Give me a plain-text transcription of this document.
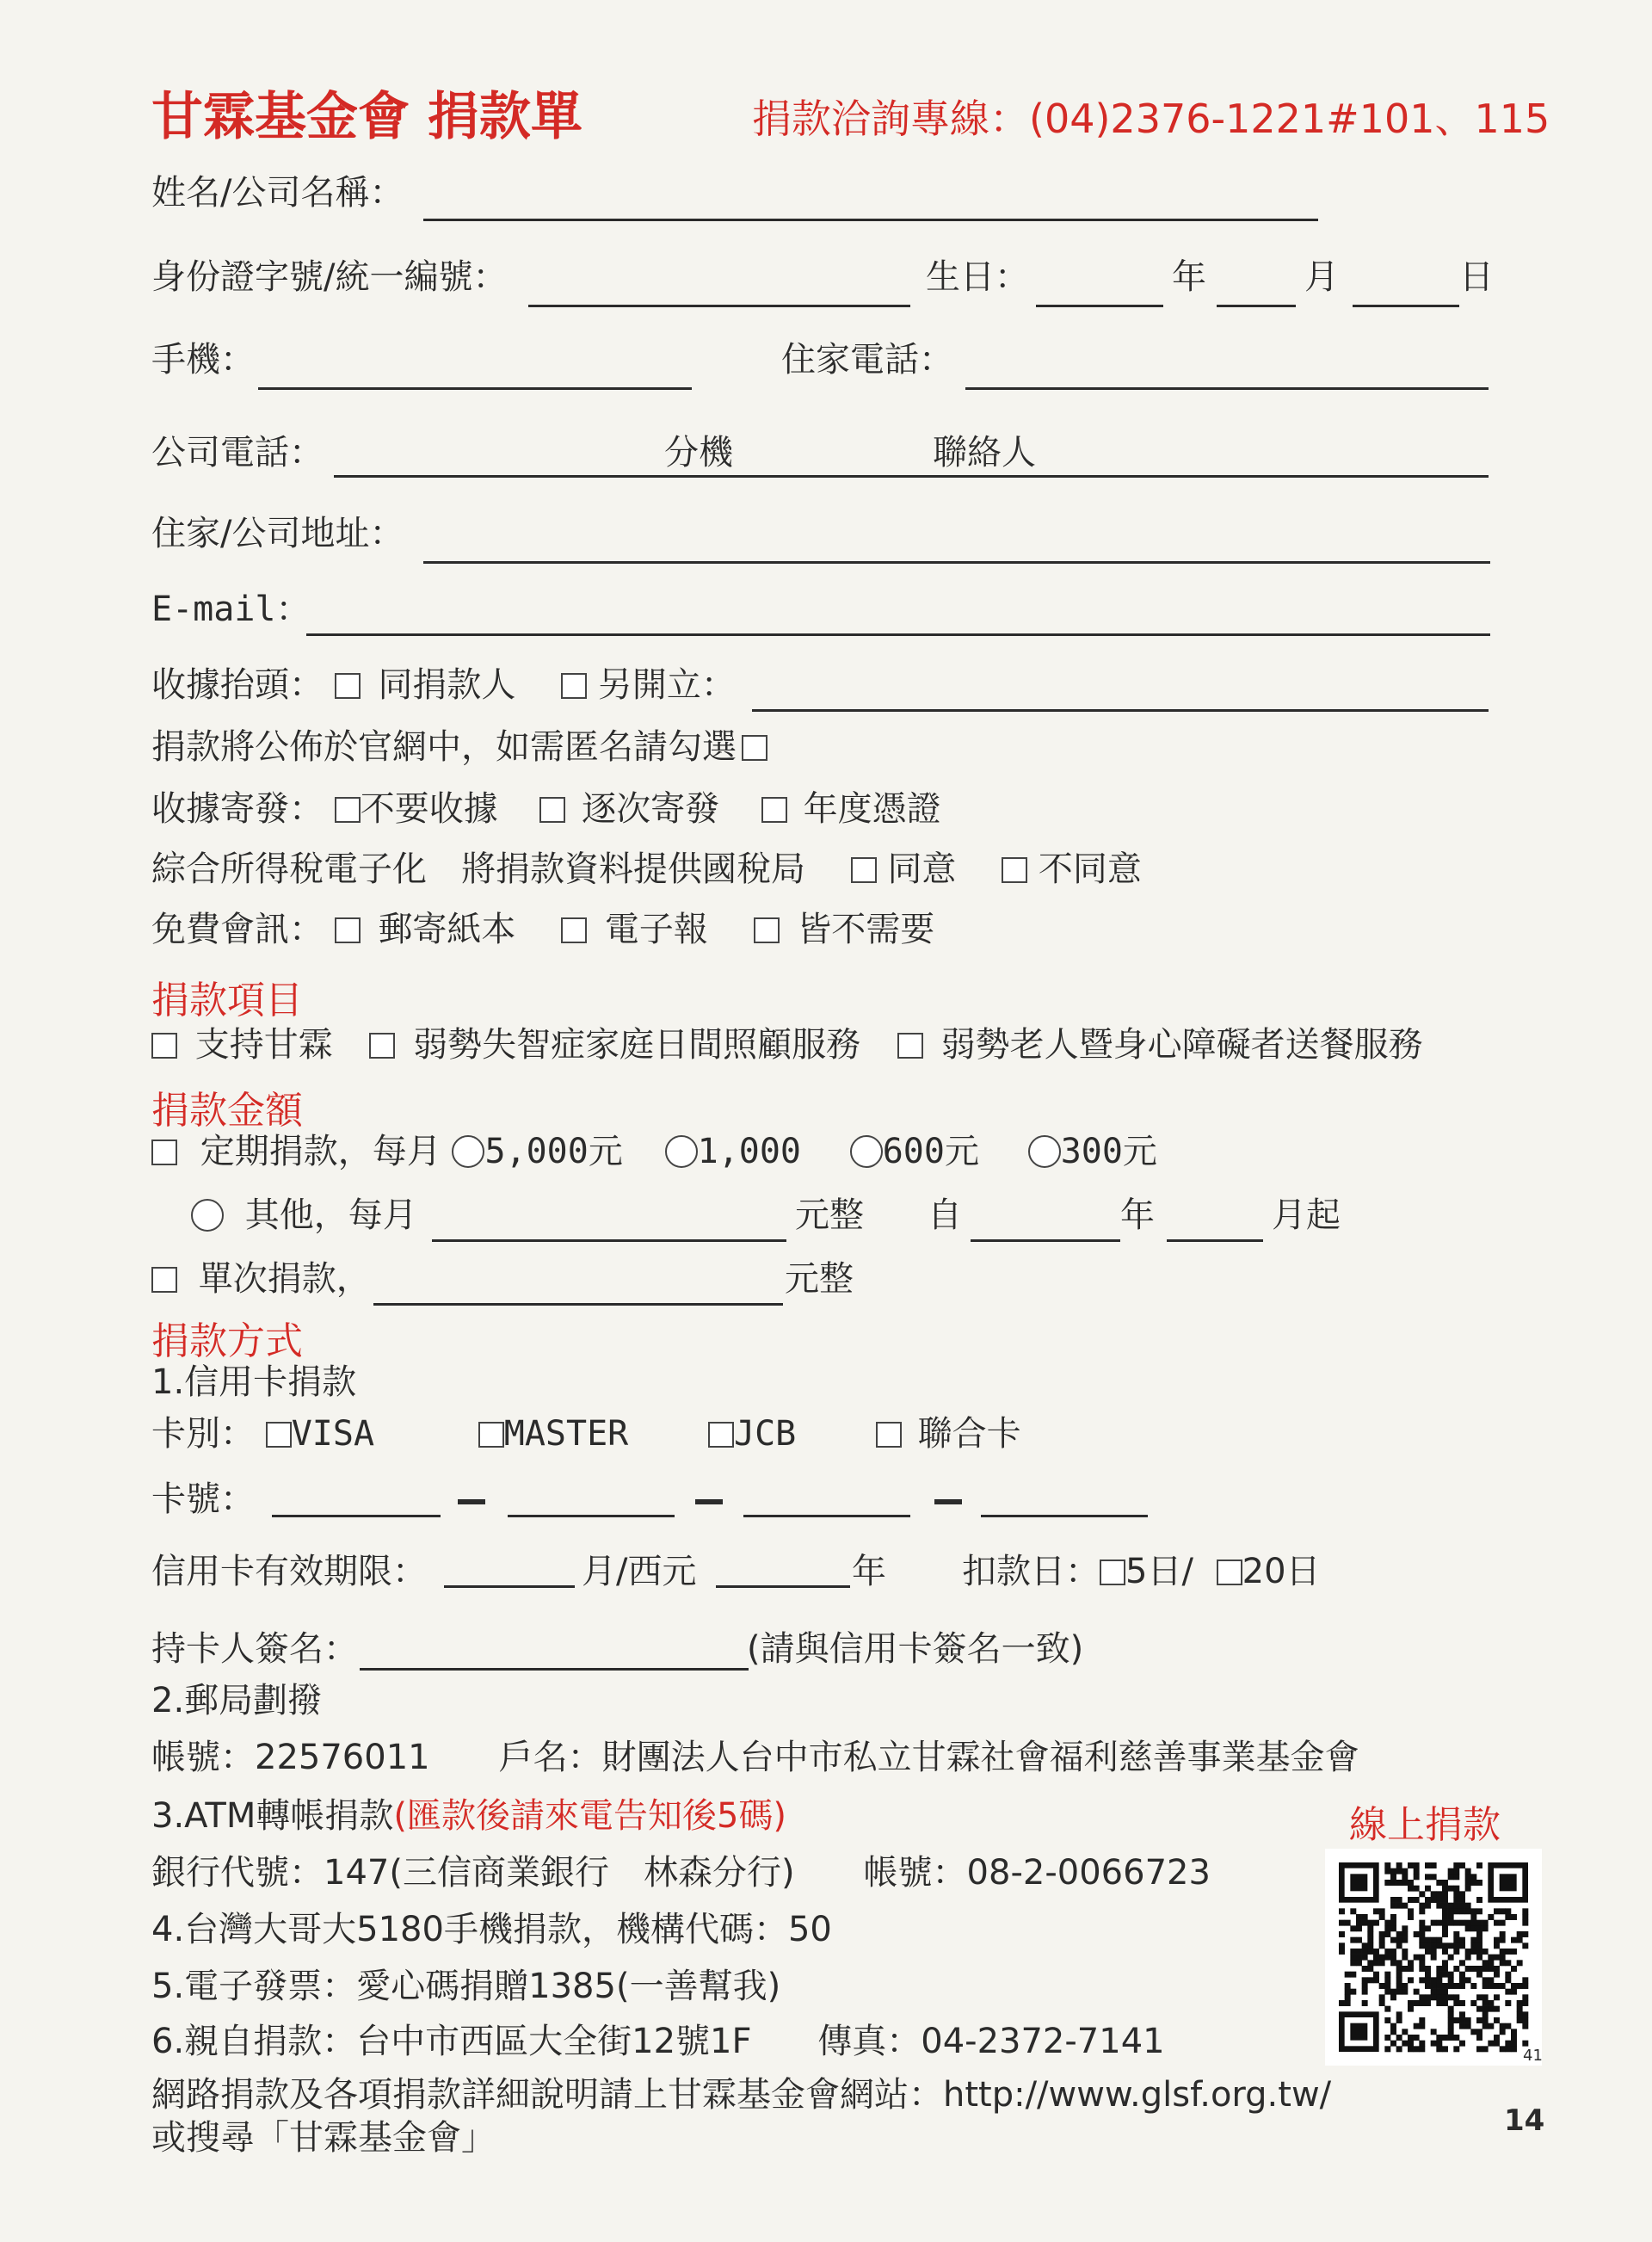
甘霖基金會 捐款單	捐款洽詢專線：(04)2376-1221#101、115
姓名/公司名稱：
身份證字號/統一編號：	生日：	年	月	日
手機：	住家電話：
公司電話：	分機	聯絡人
住家/公司地址：
E-mail：
收據抬頭： 同捐款人 另開立：
捐款將公佈於官網中，如需匿名請勾選
收據寄發： 不要收據 逐次寄發 年度憑證
綜合所得稅電子化　將捐款資料提供國稅局 同意 不同意
免費會訊： 郵寄紙本	電子報	皆不需要
捐款項目
支持甘霖 弱勢失智症家庭日間照顧服務 弱勢老人暨身心障礙者送餐服務
捐款金額
定期捐款，每月 5,000元 1,000 600元 300元
其他，每月	元整 自	年	月起
單次捐款，	元整
捐款方式
1.信用卡捐款
卡別： VISA	MASTER	JCB	聯合卡
卡號：
信用卡有效期限：	月/西元	年 扣款日： 5日/ 20日
持卡人簽名：	(請與信用卡簽名一致)
2.郵局劃撥
帳號：22576011　　戶名：財團法人台中市私立甘霖社會福利慈善事業基金會
3.ATM轉帳捐款(匯款後請來電告知後5碼)
銀行代號：147(三信商業銀行　林森分行)　　帳號：08-2-0066723
4.台灣大哥大5180手機捐款，機構代碼：50
5.電子發票：愛心碼捐贈1385(一善幫我)
6.親自捐款：台中市西區大全街12號1F 傳真：04-2372-7141
網路捐款及各項捐款詳細說明請上甘霖基金會網站：http://www.glsf.org.tw/
或搜尋「甘霖基金會」
線上捐款
41
14
